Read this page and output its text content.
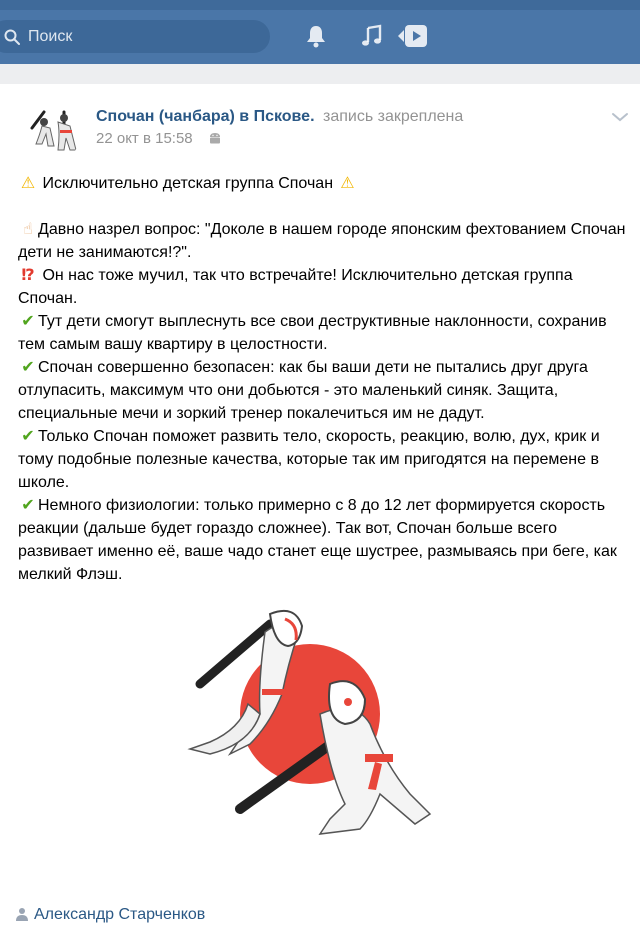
Поиск
Спочан (чанбара) в Пскове. запись закреплена
22 окт в 15:58

⚠ Исключительно детская группа Спочан ⚠

☝ Давно назрел вопрос: "Доколе в нашем городе японским фехтованием Спочан дети не занимаются!?".

⁉ Он нас тоже мучил, так что встречайте! Исключительно детская группа Спочан.

✔ Тут дети смогут выплеснуть все свои деструктивные наклонности, сохранив тем самым вашу квартиру в целостности.

✔ Спочан совершенно безопасен: как бы ваши дети не пытались друг друга отлупасить, максимум что они добьются - это маленький синяк. Защита, специальные мечи и зоркий тренер покалечиться им не дадут.

✔ Только Спочан поможет развить тело, скорость, реакцию, волю, дух, крик и тому подобные полезные качества, которые так им пригодятся на перемене в школе.

✔ Немного физиологии: только примерно с 8 до 12 лет формируется скорость реакции (дальше будет гораздо сложнее). Так вот, Спочан больше всего развивает именно её, ваше чадо станет еще шустрее, размываясь при беге, как мелкий Флэш.

Александр Старченков
